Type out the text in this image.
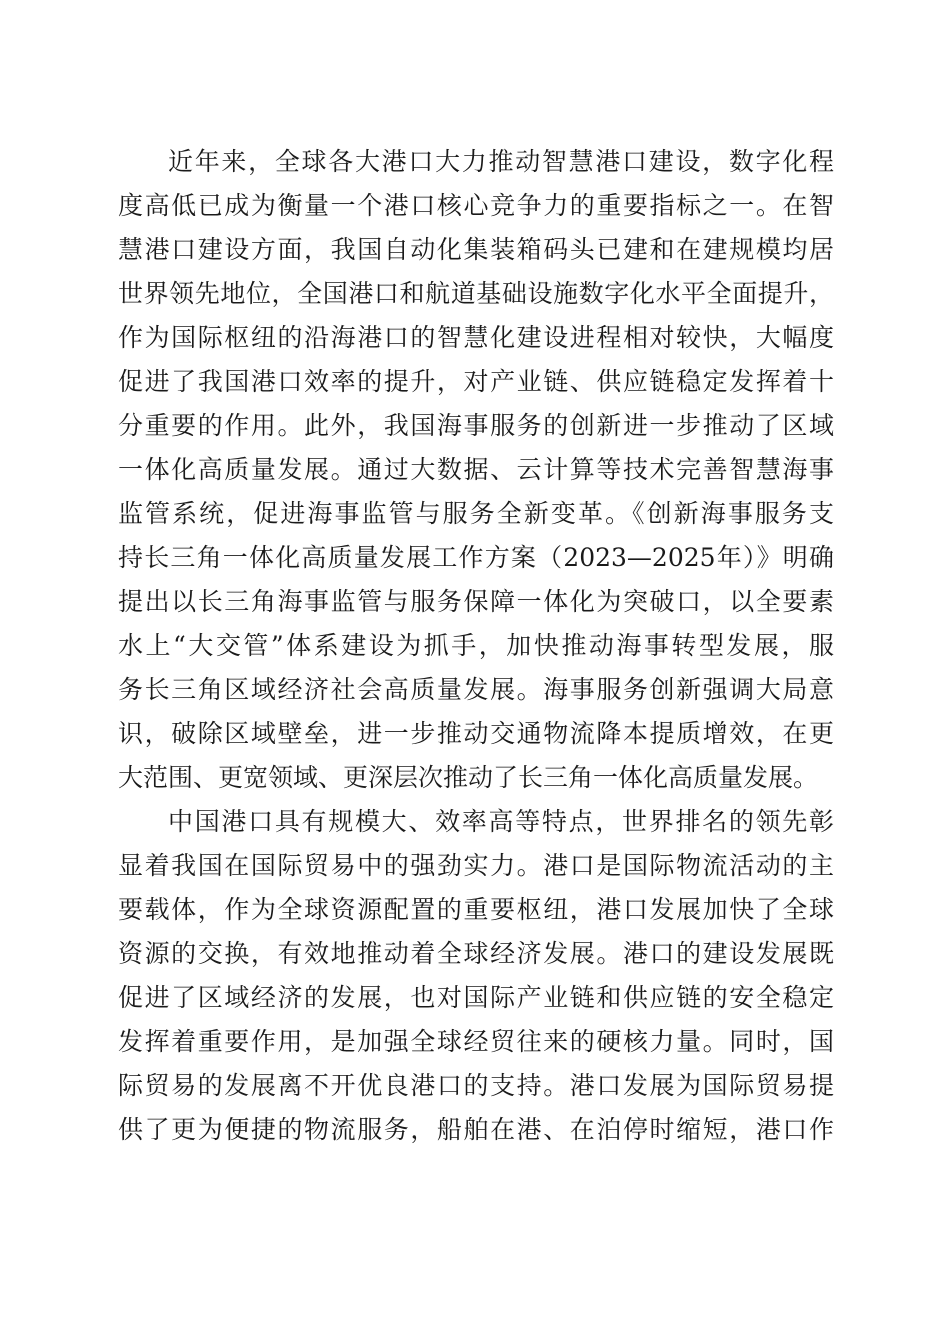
近年来，全球各大港口大力推动智慧港口建设，数字化程
度高低已成为衡量一个港口核心竞争力的重要指标之一。在智
慧港口建设方面，我国自动化集装箱码头已建和在建规模均居
世界领先地位，全国港口和航道基础设施数字化水平全面提升，
作为国际枢纽的沿海港口的智慧化建设进程相对较快，大幅度
促进了我国港口效率的提升，对产业链、供应链稳定发挥着十
分重要的作用。此外，我国海事服务的创新进一步推动了区域
一体化高质量发展。通过大数据、云计算等技术完善智慧海事
监管系统，促进海事监管与服务全新变革。《创新海事服务支
持长三角一体化高质量发展工作方案（2023—2025年）》明确
提出以长三角海事监管与服务保障一体化为突破口，以全要素
水上“大交管”体系建设为抓手，加快推动海事转型发展，服
务长三角区域经济社会高质量发展。海事服务创新强调大局意
识，破除区域壁垒，进一步推动交通物流降本提质增效，在更
大范围、更宽领域、更深层次推动了长三角一体化高质量发展。
中国港口具有规模大、效率高等特点，世界排名的领先彰
显着我国在国际贸易中的强劲实力。港口是国际物流活动的主
要载体，作为全球资源配置的重要枢纽，港口发展加快了全球
资源的交换，有效地推动着全球经济发展。港口的建设发展既
促进了区域经济的发展，也对国际产业链和供应链的安全稳定
发挥着重要作用，是加强全球经贸往来的硬核力量。同时，国
际贸易的发展离不开优良港口的支持。港口发展为国际贸易提
供了更为便捷的物流服务，船舶在港、在泊停时缩短，港口作
